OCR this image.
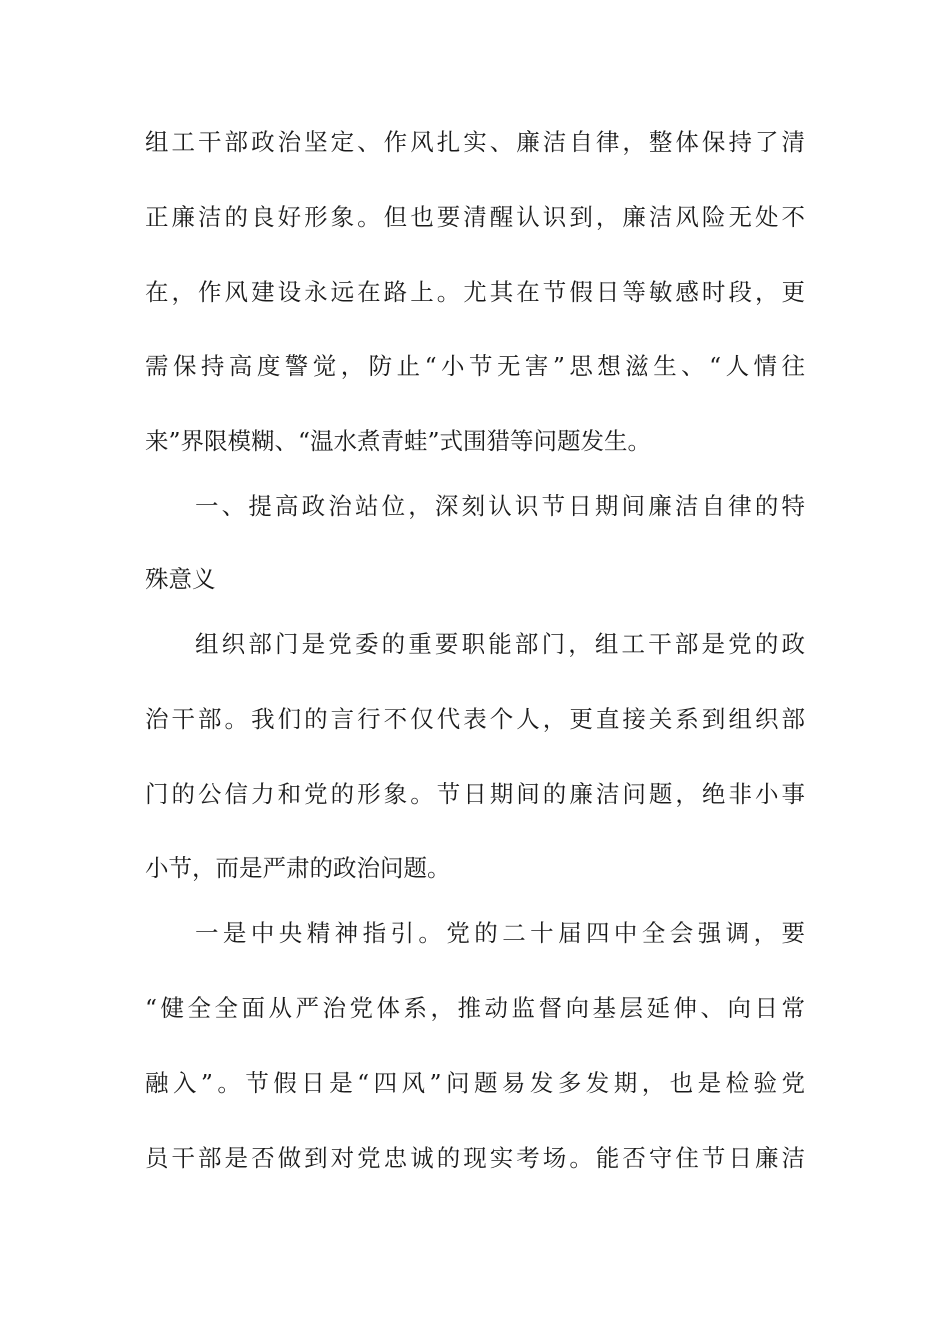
组工干部政治坚定、作风扎实、廉洁自律，整体保持了清
正廉洁的良好形象。但也要清醒认识到，廉洁风险无处不
在，作风建设永远在路上。尤其在节假日等敏感时段，更
需保持高度警觉，防止“小节无害”思想滋生、“人情往
来”界限模糊、“温水煮青蛙”式围猎等问题发生。
一、提高政治站位，深刻认识节日期间廉洁自律的特
殊意义
组织部门是党委的重要职能部门，组工干部是党的政
治干部。我们的言行不仅代表个人，更直接关系到组织部
门的公信力和党的形象。节日期间的廉洁问题，绝非小事
小节，而是严肃的政治问题。
一是中央精神指引。党的二十届四中全会强调，要
“健全全面从严治党体系，推动监督向基层延伸、向日常
融入”。节假日是“四风”问题易发多发期，也是检验党
员干部是否做到对党忠诚的现实考场。能否守住节日廉洁
